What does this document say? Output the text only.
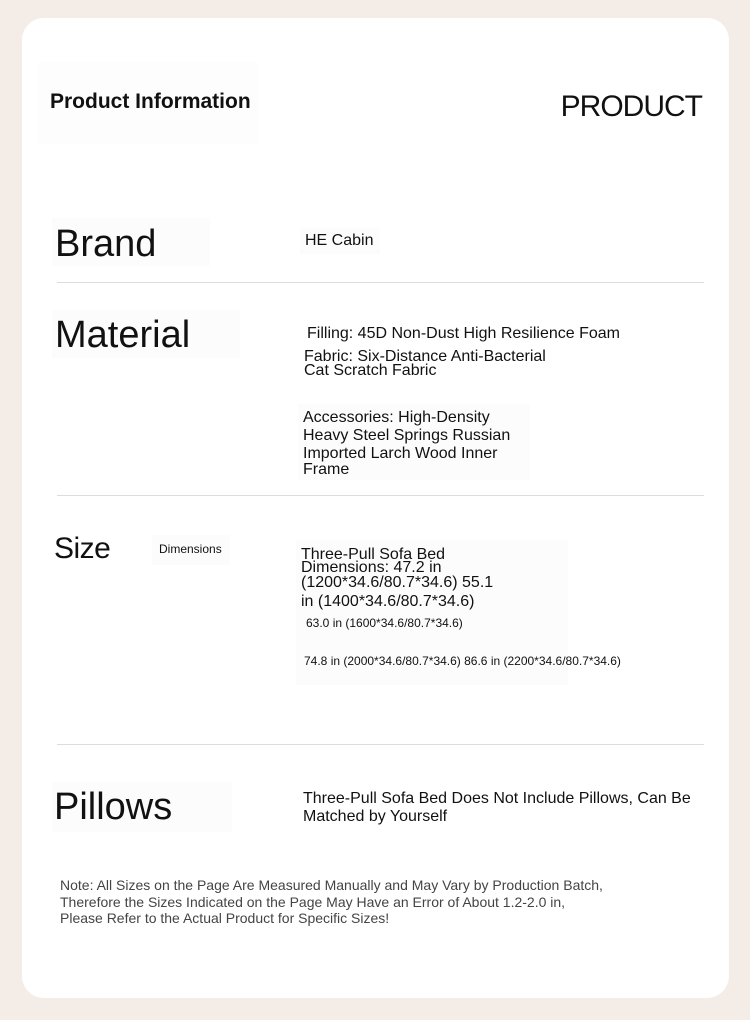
Product Information	PRODUCT
Brand	HE Cabin
Material	Filling: 45D Non-Dust High Resilience Foam
Fabric: Six-Distance Anti-Bacterial
Cat Scratch Fabric
Accessories: High-Density
Heavy Steel Springs Russian
Imported Larch Wood Inner
Frame
Size	Dimensions	Three-Pull Sofa Bed
Dimensions: 47.2 in
(1200*34.6/80.7*34.6) 55.1
in (1400*34.6/80.7*34.6)
63.0 in (1600*34.6/80.7*34.6)
74.8 in (2000*34.6/80.7*34.6) 86.6 in (2200*34.6/80.7*34.6)
Pillows	Three-Pull Sofa Bed Does Not Include Pillows, Can Be
Matched by Yourself
Note: All Sizes on the Page Are Measured Manually and May Vary by Production Batch,
Therefore the Sizes Indicated on the Page May Have an Error of About 1.2-2.0 in,
Please Refer to the Actual Product for Specific Sizes!
